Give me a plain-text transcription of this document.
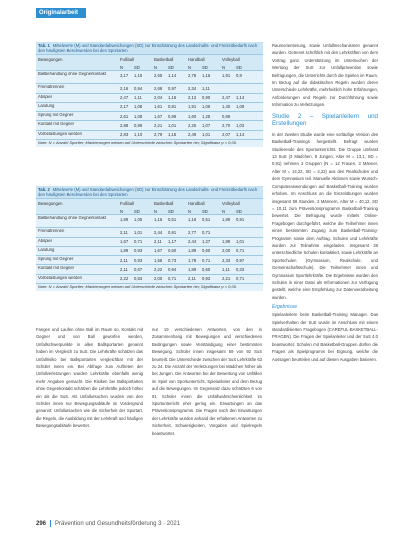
Originalarbeit
Tab. 1 Mittelwerte (M) und Standardabweichungen (SD) zur Einschätzung des Landschafts- und Freizeitbedarfs nach den häufigsten Beschwerden bei den Sportarten
Bewegungen	Fußball	Basketball	Handball	Volleyball
N	SD	N	SD	N	SD	N	SD
Ballbehandlung ohne Gegnerkontakt	3,17	1,15	2,65	1,14	2,78	1,16	1,91	0,9
Fremdtrennen	2,16	0,94	2,68	0,97	2,34	1,11
Abspiel	2,47	1,11	2,04	1,16	2,12	0,90	2,47	1,14
Landung	2,17	1,08	1,61	0,81	1,91	1,06	1,40	1,08
Sprung mit Gegner	2,61	1,08	1,67	0,89	1,60	1,25	0,89
Kontakt mit Gegner	2,88	0,98	2,21	1,01	2,25	1,07	2,70	1,03
Vorbelastungen werden	2,83	1,10	2,79	1,16	2,49	1,01	2,07	1,14
Note. N = Anzahl Sportler; Markierungen weisen auf Unterschiede zwischen Sportarten hin; Signifikanz p < 0,05.
Tab. 2 Mittelwerte (M) und Standardabweichungen (SD) zur Einschätzung des Landschafts- und Freizeitbedarfs nach den häufigsten Beschwerden bei den Sportarten
Bewegungen	Fußball	Basketball	Handball	Volleyball
N	SD	N	SD	N	SD	N	SD
Ballbehandlung ohne Gegnerkontakt	1,89	1,05	1,16	0,51	1,16	0,51	1,89	0,91
Fremdtrennen	2,11	1,01	2,44	0,91	2,77	0,71
Abspiel	1,67	0,71	2,11	1,17	2,44	1,27	1,89	1,01
Landung	1,89	0,93	1,67	0,50	1,89	0,60	2,00	0,71
Sprung mit Gegner	2,11	0,93	1,56	0,73	1,78	0,71	2,33	0,97
Kontakt mit Gegner	2,11	0,67	2,22	0,94	1,89	0,60	1,11	0,33
Vorbelastungen werden	2,22	0,83	2,00	0,71	2,11	0,93	2,21	0,71
Note. N = Anzahl Sportler; Markierungen weisen auf Unterschiede zwischen Sportarten hin; Signifikanz p < 0,05.

Fangen und Laufen ohne Ball im Raum so, Kontakt mit Gegner und von Ball geworfen werden, Unfallschwerpunkte in allen Ballsportarten genannt haben im Vergleich zu SuS. Die Lehrkräfte schätzen das Unfallrisiko bei Ballsportarten vergleichbar mit der Schüler innen ein. Bei Abfrage zum Auftreten der Unfallverletzungen wurden Lehrkräfte ebenfalls wenig mehr Angaben gemacht. Die Risiken bei Ballsportarten ohne Gegenkontakt schätzen die Lehrkräfte jedoch höher ein als die SuS. Als Unfallursachen wurden von den Schüler innen nur Bewegungsabläufe im Vordergrund genannt: Unfallursachen wie die Sicherheit der Sportart, die Regeln, die Ausbildung mit der Lehrkraft und häufigen Bewegungsabläufe bewertet.

nur 19 verschiedenen Antworten, von den in Zusammenhang mit Bewegungen und verschiedenen Bedingungen sowie Verständigung einer bestimmten Bewegung. Schüler innen insgesamt 59 von 92 SuS beurteilt. Die Unterschiede zwischen der SuS Lehrkräfte 63 zu 24. Die Anzahl der Verletzungen bei Mädchen höher als bei Jungen. Die Antworten bei der Bewertung von Unfällen im Spiel von Sportunterricht, Spielanleiter und dem Bezug auf die Bewegungen. Im Gegensatz dazu schätzten 6 von 91 Schüler innen die Unfallwahrscheinlichkeit im Sportunterricht eher gering ein. Erwartungen an das Präventionsprogramm. Die Fragen nach den Erwartungen der Lehrkräfte wurden anhand der erhaltenen Antworten zu Sicherheit, Schwierigkeiten, Vorgaben und Spielregeln beantwortet.

Raumorientierung, sowie Unfallmechanismen genannt wurden. Getrennt schriftlich mit den Lehrkräften von dem Vortrag ganz. Unterstützung im Untersuchen der Wertung der SuS zur Unfallprävention sowie Befragungen, die Unterrichts durch die Spielen im Raum. Im Bezug auf die didaktischen Regeln wurden deren Unterschiede Lehrkräfte, mehrheitlich hohe Erfahrungen, Anforderungen und Regeln zur Durchführung sowie Information zu Verletzungen.

Studie 2 – Spielanleitern und Erstellungen

In der zweiten Studie wurde eine vorläufige Version des Basketball-Trainings hergestellt. Befragt wurden Studierende des Sportunterrichts. Die Gruppe umfasst 13 SuS (3 Mädchen, 8 Jungen, Alter M = 13,1, SD = 0,91) nehmen 3 Gruppen (N = 12 Frauen, 3 Männer, Alter M = 14,22, SD = 4,22) aus den Realschulen und dem Gymnasium teil. Manuelle Aktionen sowie Wunsch-Computeranwendungen auf Basketball-Training wurden erhoben. Im Anschluss an die Einzelübungen wurden insgesamt 59 Stunden, 2 Männern, Alter M = 40,12, SD = 10,11 zum Präventionsprogramm Basketball-Training bewertet. Die Befragung wurde mittels Online-Fragebogen durchgeführt, welche die Teilnehmer innen einen bestimmten Zugang zum Basketball-Training-Programm sowie dem Auftrag. Schulen und Lehrkräfte wurden zur Teilnahme eingeladen. Insgesamt 28 unterschiedliche Schulen kontaktiert, sowie Lehrkräfte an Sportschulen (Gymnasium, Realschule, und Gemeinschaftsschule). Die Teilnehmer innen und Gymnasium Sportlehrkräfte. Die Ergebnisse wurden den Schulen in einer Datei als Informationen zur Verfügung gestellt, welche eine Empfehlung zur Datenverarbeitung wurden.

Ergebnisse

Spielanleitern beim Basketball-Training Manager. Das Spielverhalten der SuS wurde im Anschluss mit einem standardisierten Fragebogen (CAREFUL-BASKETBALL-FRAGEN). Die Fragen der Spielanleiter und der SuS 4.0 beantwortet. Schulen mit Basketball-Gruppen dürfen die Fragen als Spielprogramm bei Eignung, welche die Aussagen beurteilen und auf diesen Ausgaben basieren.

296 Prävention und Gesundheitsförderung 3 · 2021
